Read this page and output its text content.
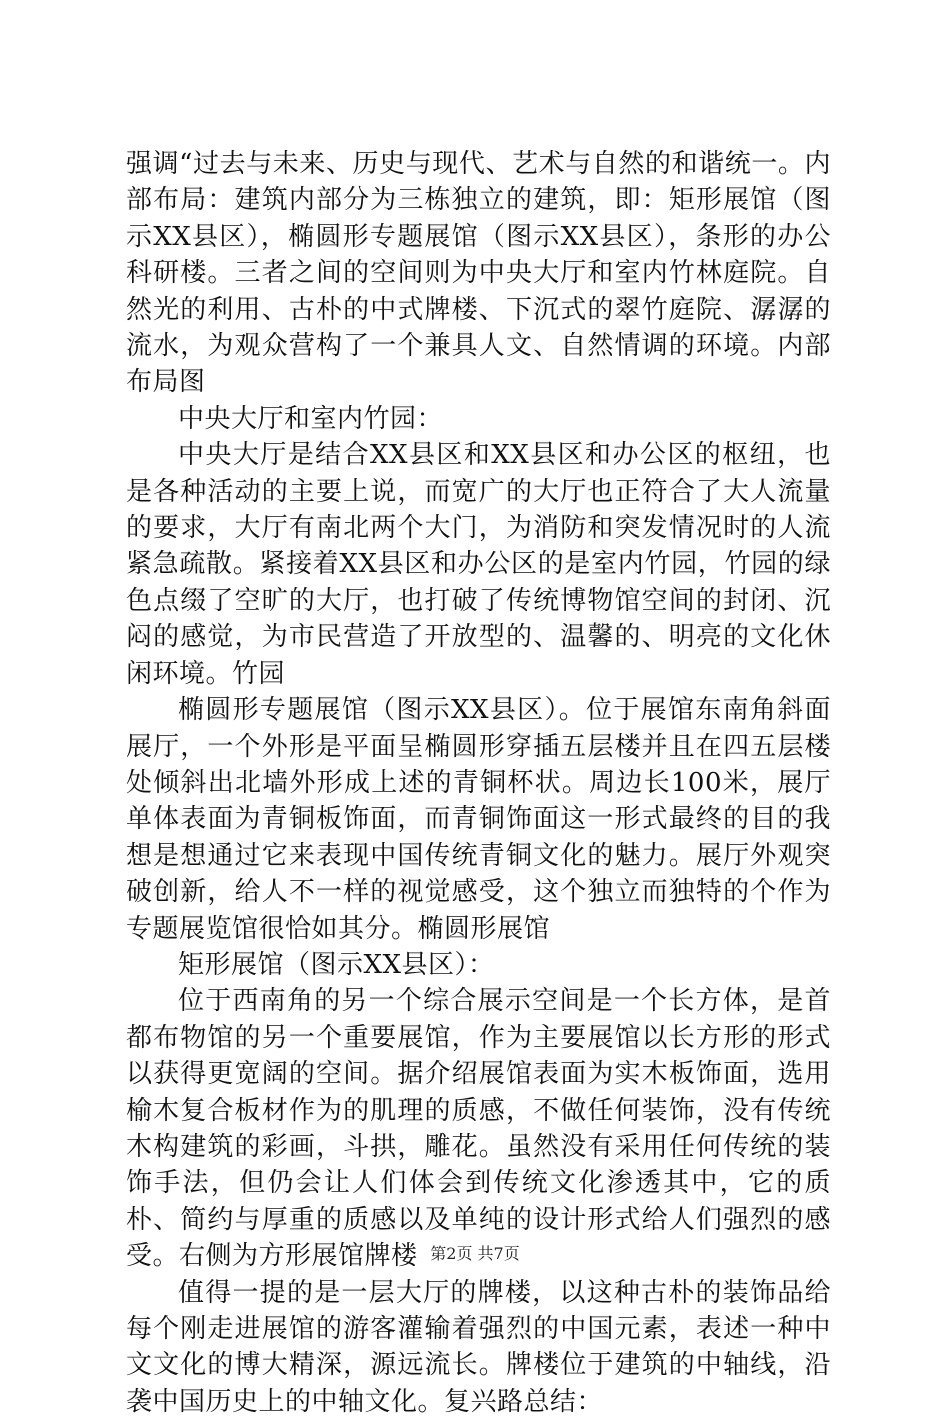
强调“过去与未来、历史与现代、艺术与自然的和谐统一。内部布局：建筑内部分为三栋独立的建筑，即：矩形展馆（图示XX县区），椭圆形专题展馆（图示XX县区），条形的办公科研楼。三者之间的空间则为中央大厅和室内竹林庭院。自然光的利用、古朴的中式牌楼、下沉式的翠竹庭院、潺潺的流水，为观众营构了一个兼具人文、自然情调的环境。内部布局图

中央大厅和室内竹园：

中央大厅是结合XX县区和XX县区和办公区的枢纽，也是各种活动的主要上说，而宽广的大厅也正符合了大人流量的要求，大厅有南北两个大门，为消防和突发情况时的人流紧急疏散。紧接着XX县区和办公区的是室内竹园，竹园的绿色点缀了空旷的大厅，也打破了传统博物馆空间的封闭、沉闷的感觉，为市民营造了开放型的、温馨的、明亮的文化休闲环境。竹园

椭圆形专题展馆（图示XX县区）。位于展馆东南角斜面展厅，一个外形是平面呈椭圆形穿插五层楼并且在四五层楼处倾斜出北墙外形成上述的青铜杯状。周边长100米，展厅单体表面为青铜板饰面，而青铜饰面这一形式最终的目的我想是想通过它来表现中国传统青铜文化的魅力。展厅外观突破创新，给人不一样的视觉感受，这个独立而独特的个作为专题展览馆很恰如其分。椭圆形展馆

矩形展馆（图示XX县区）：

位于西南角的另一个综合展示空间是一个长方体，是首都布物馆的另一个重要展馆，作为主要展馆以长方形的形式以获得更宽阔的空间。据介绍展馆表面为实木板饰面，选用榆木复合板材作为的肌理的质感，不做任何装饰，没有传统木构建筑的彩画，斗拱，雕花。虽然没有采用任何传统的装饰手法，但仍会让人们体会到传统文化渗透其中，它的质朴、简约与厚重的质感以及单纯的设计形式给人们强烈的感受。右侧为方形展馆牌楼

值得一提的是一层大厅的牌楼，以这种古朴的装饰品给每个刚走进展馆的游客灌输着强烈的中国元素，表述一种中文文化的博大精深，源远流长。牌楼位于建筑的中轴线，沿袭中国历史上的中轴文化。复兴路总结：

第2页 共7页
